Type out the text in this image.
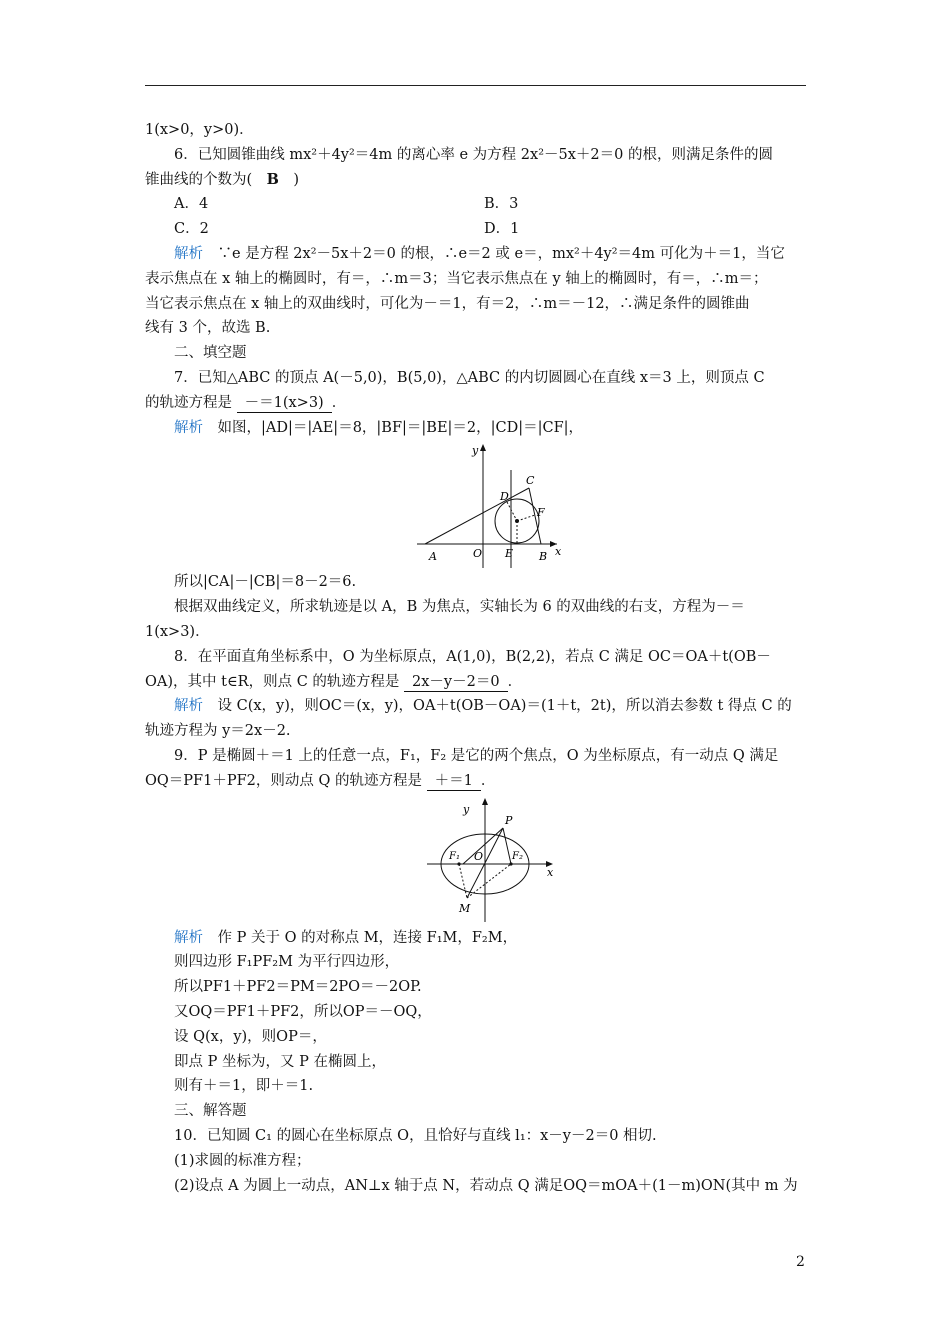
1(x>0，y>0)．
6．已知圆锥曲线 mx²＋4y²＝4m 的离心率 e 为方程 2x²－5x＋2＝0 的根，则满足条件的圆
锥曲线的个数为(　B　)
A．4	B．3
C．2	D．1
解析　 ∵e 是方程 2x²－5x＋2＝0 的根，∴e＝2 或 e＝，mx²＋4y²＝4m 可化为＋＝1，当它
表示焦点在 x 轴上的椭圆时，有＝，∴m＝3；当它表示焦点在 y 轴上的椭圆时，有＝，∴m＝；
当它表示焦点在 x 轴上的双曲线时，可化为－＝1，有＝2，∴m＝－12，∴满足条件的圆锥曲
线有 3 个，故选 B.
二、填空题
7．已知△ABC 的顶点 A(－5,0)，B(5,0)，△ABC 的内切圆圆心在直线 x＝3 上，则顶点 C
的轨迹方程是 －＝1(x>3) ．
解析　 如图，|AD|＝|AE|＝8，|BF|＝|BE|＝2，|CD|＝|CF|，
A	O E B x
y
C
D
F
所以|CA|－|CB|＝8－2＝6.
根据双曲线定义，所求轨迹是以 A，B 为焦点，实轴长为 6 的双曲线的右支，方程为－＝
1(x>3)．
8．在平面直角坐标系中，O 为坐标原点，A(1,0)，B(2,2)，若点 C 满足 OC＝OA＋t(OB－
OA)，其中 t∈R，则点 C 的轨迹方程是 2x－y－2＝0 ．
解析　 设 C(x，y)，则OC＝(x，y)，OA＋t(OB－OA)＝(1＋t，2t)，所以消去参数 t 得点 C 的
轨迹方程为 y＝2x－2.
9．P 是椭圆＋＝1 上的任意一点，F₁，F₂ 是它的两个焦点，O 为坐标原点，有一动点 Q 满足
OQ＝PF1＋PF2，则动点 Q 的轨迹方程是 ＋＝1 ．
y
x
P
O
F₁	F₂
M
解析　 作 P 关于 O 的对称点 M，连接 F₁M，F₂M，
则四边形 F₁PF₂M 为平行四边形，
所以PF1＋PF2＝PM＝2PO＝－2OP.
又OQ＝PF1＋PF2，所以OP＝－OQ，
设 Q(x，y)，则OP＝，
即点 P 坐标为，又 P 在椭圆上，
则有＋＝1，即＋＝1.
三、解答题
10．已知圆 C₁ 的圆心在坐标原点 O，且恰好与直线 l₁：x－y－2＝0 相切.
(1)求圆的标准方程；
(2)设点 A 为圆上一动点，AN⊥x 轴于点 N，若动点 Q 满足OQ＝mOA＋(1－m)ON(其中 m 为
2
